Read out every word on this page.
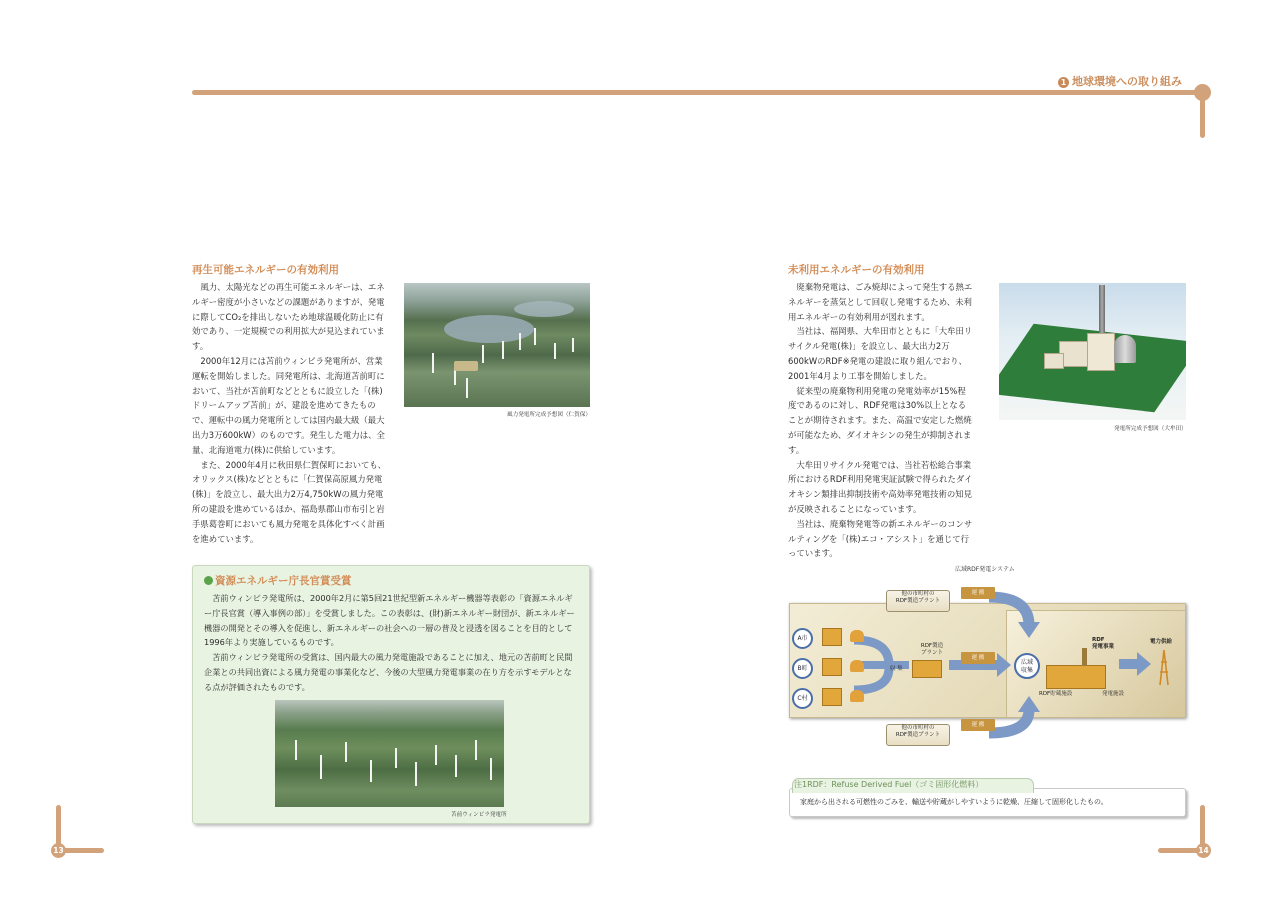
1 地球環境への取り組み
再生可能エネルギーの有効利用

風力、太陽光などの再生可能エネルギーは、エネルギー密度が小さいなどの課題がありますが、発電に際してCO₂を排出しないため地球温暖化防止に有効であり、一定規模での利用拡大が見込まれています。

2000年12月には苫前ウィンビラ発電所が、営業運転を開始しました。同発電所は、北海道苫前町において、当社が苫前町などとともに設立した「(株)ドリームアップ苫前」が、建設を進めてきたもので、運転中の風力発電所としては国内最大級（最大出力3万600kW）のものです。発生した電力は、全量、北海道電力(株)に供給しています。

また、2000年4月に秋田県仁賀保町においても、オリックス(株)などとともに「仁賀保高原風力発電(株)」を設立し、最大出力2万4,750kWの風力発電所の建設を進めているほか、福島県郡山市布引と岩手県葛巻町においても風力発電を具体化すべく計画を進めています。

風力発電所完成予想図（仁賀保）
資源エネルギー庁長官賞受賞

苫前ウィンビラ発電所は、2000年2月に第5回21世紀型新エネルギー機器等表彰の「資源エネルギー庁長官賞（導入事例の部）」を受賞しました。この表彰は、(財)新エネルギー財団が、新エネルギー機器の開発とその導入を促進し、新エネルギーの社会への一層の普及と浸透を図ることを目的として1996年より実施しているものです。

苫前ウィンビラ発電所の受賞は、国内最大の風力発電施設であることに加え、地元の苫前町と民間企業との共同出資による風力発電の事業化など、今後の大型風力発電事業の在り方を示すモデルとなる点が評価されたものです。

苫前ウィンビラ発電所
13
未利用エネルギーの有効利用

廃棄物発電は、ごみ焼却によって発生する熱エネルギーを蒸気として回収し発電するため、未利用エネルギーの有効利用が図れます。

当社は、福岡県、大牟田市とともに「大牟田リサイクル発電(株)」を設立し、最大出力2万600kWのRDF※発電の建設に取り組んでおり、2001年4月より工事を開始しました。

従来型の廃棄物利用発電の発電効率が15%程度であるのに対し、RDF発電は30%以上となることが期待されます。また、高温で安定した燃焼が可能なため、ダイオキシンの発生が抑制されます。

大牟田リサイクル発電では、当社若松総合事業所におけるRDF利用発電実証試験で得られたダイオキシン類排出抑制技術や高効率発電技術の知見が反映されることになっています。

当社は、廃棄物発電等の新エネルギーのコンサルティングを「(株)エコ・アシスト」を通じて行っています。

発電所完成予想図（大牟田）
広域RDF発電システム
他の市町村の
RDF製造プラント
運 搬
他の市町村の
RDF製造プラント
運 搬
A市
B町
C村
収 集
RDF製造
プラント
運 搬
広域
収集
RDF
発電事業
RDF貯蔵施設	発電施設
電力供給
注1RDF：Refuse Derived Fuel（ゴミ固形化燃料）
家庭から出される可燃性のごみを、輸送や貯蔵がしやすいように乾燥、圧縮して固形化したもの。
14
